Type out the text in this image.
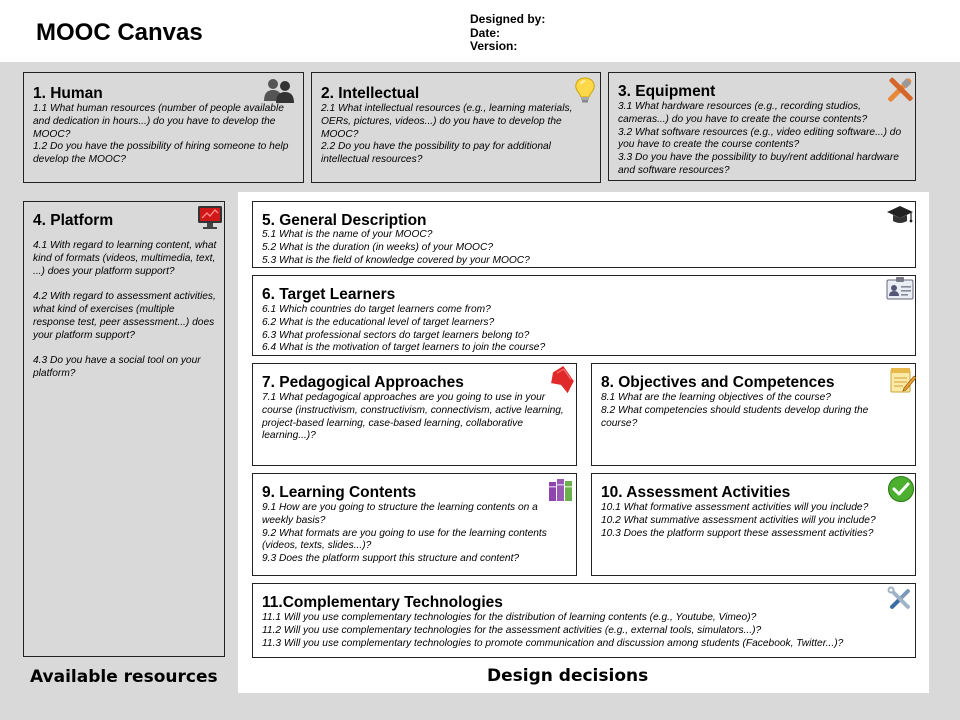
MOOC Canvas	Designed by:
Date:
Version:
1. Human

1.1 What human resources (number of people available and dedication in hours...) do you have to develop the MOOC?

1.2 Do you have the possibility of hiring someone to help develop the MOOC?

2. Intellectual

2.1 What intellectual resources (e.g., learning materials, OERs, pictures, videos...) do you have to develop the MOOC?

2.2 Do you have the possibility to pay for additional intellectual resources?

3. Equipment

3.1 What hardware resources (e.g., recording studios, cameras...) do you have to create the course contents?

3.2 What software resources (e.g., video editing software...) do you have to create the course contents?

3.3 Do you have the possibility to buy/rent additional hardware and software resources?

4. Platform

4.1 With regard to learning content, what kind of formats (videos, multimedia, text, ...) does your platform support?

4.2 With regard to assessment activities, what kind of exercises (multiple response test, peer assessment...) does your platform support?

4.3 Do you have a social tool on your platform?

5. General Description

5.1 What is the name of your MOOC?

5.2 What is the duration (in weeks) of your MOOC?

5.3 What is the field of knowledge covered by your MOOC?

6. Target Learners

6.1 Which countries do target learners come from?

6.2 What is the educational level of target learners?

6.3 What professional sectors do target learners belong to?

6.4 What is the motivation of target learners to join the course?

7. Pedagogical Approaches

7.1 What pedagogical approaches are you going to use in your course (instructivism, constructivism, connectivism, active learning, project-based learning, case-based learning, collaborative learning...)?

8. Objectives and Competences

8.1 What are the learning objectives of the course?

8.2 What competencies should students develop during the course?

9. Learning Contents

9.1 How are you going to structure the learning contents on a weekly basis?

9.2 What formats are you going to use for the learning contents (videos, texts, slides...)?

9.3 Does the platform support this structure and content?

10. Assessment Activities

10.1 What formative assessment activities will you include?

10.2 What summative assessment activities will you include?

10.3 Does the platform support these assessment activities?

11.Complementary Technologies

11.1 Will you use complementary technologies for the distribution of learning contents (e.g., Youtube, Vimeo)?

11.2 Will you use complementary technologies for the assessment activities (e.g., external tools, simulators...)?

11.3 Will you use complementary technologies to promote communication and discussion among students (Facebook, Twitter...)?

Available resources	Design decisions
